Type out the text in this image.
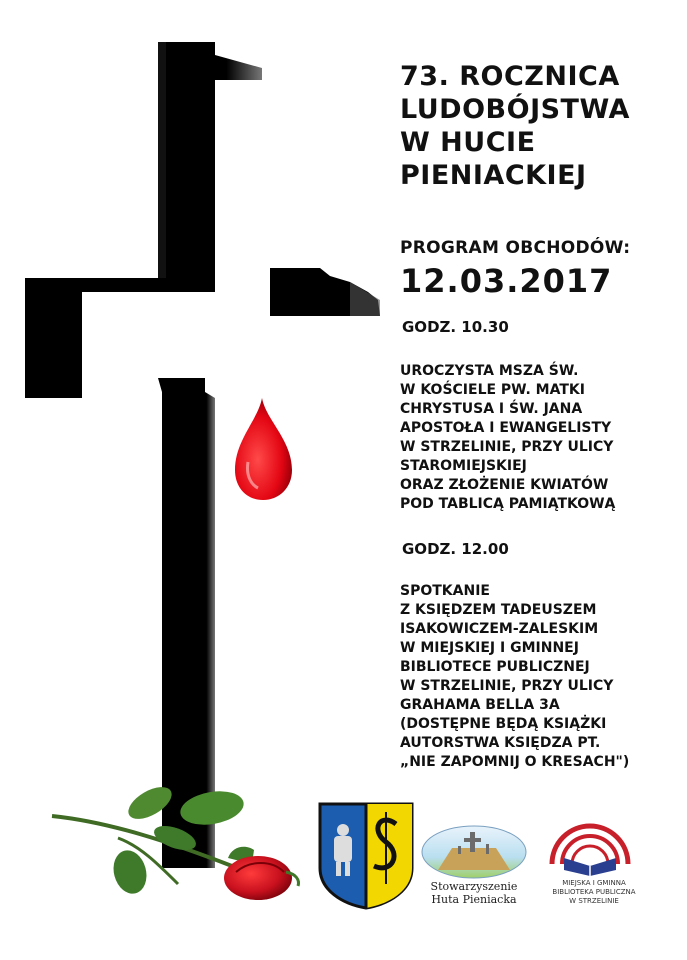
73. ROCZNICA
LUDOBÓJSTWA
W HUCIE
PIENIACKIEJ
PROGRAM OBCHODÓW:
12.03.2017
GODZ. 10.30
UROCZYSTA MSZA ŚW.
W KOŚCIELE PW. MATKI
CHRYSTUSA I ŚW. JANA
APOSTOŁA I EWANGELISTY
W STRZELINIE, PRZY ULICY
STAROMIEJSKIEJ
ORAZ ZŁOŻENIE KWIATÓW
POD TABLICĄ PAMIĄTKOWĄ
GODZ. 12.00
SPOTKANIE
Z KSIĘDZEM TADEUSZEM
ISAKOWICZEM-ZALESKIM
W MIEJSKIEJ I GMINNEJ
BIBLIOTECE PUBLICZNEJ
W STRZELINIE, PRZY ULICY
GRAHAMA BELLA 3A
(DOSTĘPNE BĘDĄ KSIĄŻKI
AUTORSTWA KSIĘDZA PT.
„NIE ZAPOMNIJ O KRESACH")
Stowarzyszenie
Huta Pieniacka
MIEJSKA I GMINNA
BIBLIOTEKA PUBLICZNA
W STRZELINIE
